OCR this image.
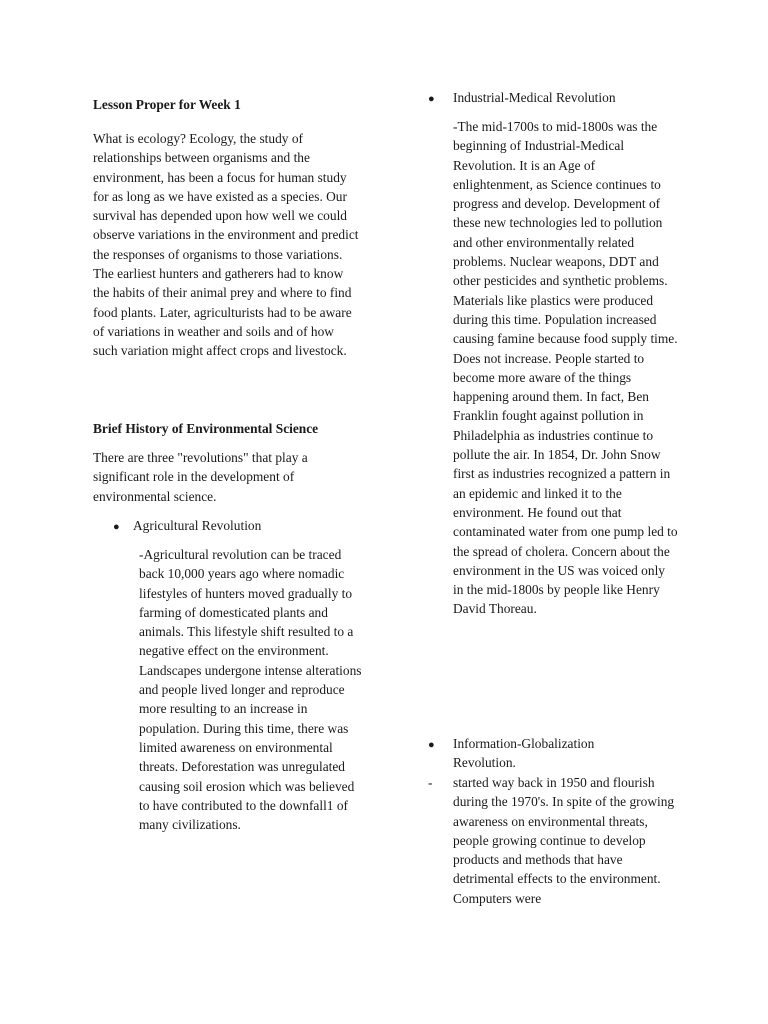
Lesson Proper for Week 1

What is ecology? Ecology, the study of relationships between organisms and the environment, has been a focus for human study for as long as we have existed as a species. Our survival has depended upon how well we could observe variations in the environment and predict the responses of organisms to those variations. The earliest hunters and gatherers had to know the habits of their animal prey and where to find food plants. Later, agriculturists had to be aware of variations in weather and soils and of how such variation might affect crops and livestock.

Brief History of Environmental Science

There are three "revolutions" that play a significant role in the development of environmental science.

● Agricultural Revolution

-Agricultural revolution can be traced back 10,000 years ago where nomadic lifestyles of hunters moved gradually to farming of domesticated plants and animals. This lifestyle shift resulted to a negative effect on the environment. Landscapes undergone intense alterations and people lived longer and reproduce more resulting to an increase in population. During this time, there was limited awareness on environmental threats. Deforestation was unregulated causing soil erosion which was believed to have contributed to the downfall1 of many civilizations.

● Industrial-Medical Revolution

-The mid-1700s to mid-1800s was the beginning of Industrial-Medical Revolution. It is an Age of enlightenment, as Science continues to progress and develop. Development of these new technologies led to pollution and other environmentally related problems. Nuclear weapons, DDT and other pesticides and synthetic problems. Materials like plastics were produced during this time. Population increased causing famine because food supply time. Does not increase. People started to become more aware of the things happening around them. In fact, Ben Franklin fought against pollution in Philadelphia as industries continue to pollute the air. In 1854, Dr. John Snow first as industries recognized a pattern in an epidemic and linked it to the environment. He found out that contaminated water from one pump led to the spread of cholera. Concern about the environment in the US was voiced only in the mid-1800s by people like Henry David Thoreau.

●	Information-Globalization Revolution.

- started way back in 1950 and flourish during the 1970's. In spite of the growing awareness on environmental threats, people growing continue to develop products and methods that have detrimental effects to the environment. Computers were
